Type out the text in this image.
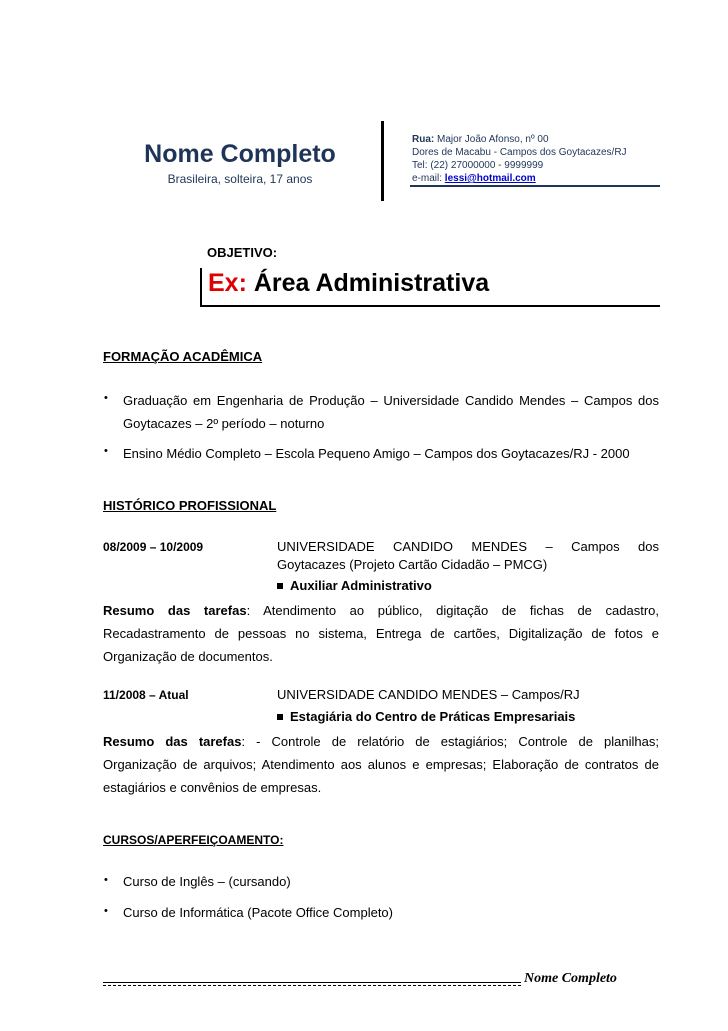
Nome Completo
Brasileira, solteira, 17 anos
Rua: Major João Afonso, nº 00
Dores de Macabu - Campos dos Goytacazes/RJ
Tel: (22) 27000000 - 9999999
e-mail: lessi@hotmail.com
OBJETIVO:
Ex: Área Administrativa
FORMAÇÃO ACADÊMICA
• Graduação em Engenharia de Produção – Universidade Candido Mendes – Campos dos
Goytacazes – 2º período – noturno
• Ensino Médio Completo – Escola Pequeno Amigo – Campos dos Goytacazes/RJ - 2000
HISTÓRICO PROFISSIONAL
08/2009 – 10/2009	UNIVERSIDADE CANDIDO MENDES – Campos dos
Goytacazes (Projeto Cartão Cidadão – PMCG)
Auxiliar Administrativo
Resumo das tarefas: Atendimento ao público, digitação de fichas de cadastro,
Recadastramento de pessoas no sistema, Entrega de cartões, Digitalização de fotos e
Organização de documentos.
11/2008 – Atual	UNIVERSIDADE CANDIDO MENDES – Campos/RJ
Estagiária do Centro de Práticas Empresariais
Resumo das tarefas: - Controle de relatório de estagiários; Controle de planilhas;
Organização de arquivos; Atendimento aos alunos e empresas; Elaboração de contratos de
estagiários e convênios de empresas.
CURSOS/APERFEIÇOAMENTO:
• Curso de Inglês – (cursando)
• Curso de Informática (Pacote Office Completo)
Nome Completo
